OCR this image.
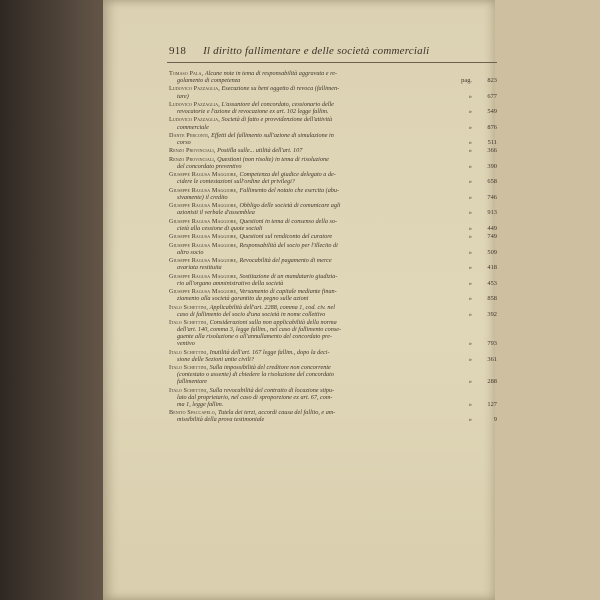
918 Il diritto fallimentare e delle società commerciali
Tomaso Pala, Alcune note in tema di responsabilità aggravata e re-
golamento di competenza	pag. 823
Ludovico Pazzaglia, Esecuzione su beni oggetto di revoca (fallimen-
tare)	» 677
Ludovico Pazzaglia, L'assuntore del concordato, cessionario delle
revocatorie e l'azione di revocazione ex art. 102 legge fallim.	» 549
Ludovico Pazzaglia, Società di fatto e provvidenzione dell'attività
commerciale	» 876
Dante Perconti, Effetti del fallimento sull'azione di simulazione in
corso	» 511
Renzo Provinciali, Postilla sulle... utilità dell'art. 107	» 366
Renzo Provinciali, Questioni (non risolte) in tema di risoluzione
del concordato preventivo	» 390
Giuseppe Ragusa Maggiore, Competenza del giudice delegato a de-
cidere le contestazioni sull'ordine dei privilegi?	» 658
Giuseppe Ragusa Maggiore, Fallimento del notaio che esercita (abu-
sivamente) il credito	» 746
Giuseppe Ragusa Maggiore, Obbligo delle società di comunicare agli
azionisti il verbale d'assemblea	» 913
Giuseppe Ragusa Maggiore, Questioni in tema di consenso della so-
cietà alla cessione di quote sociali	» 449
Giuseppe Ragusa Maggiore, Questioni sul rendiconto del curatore	» 749
Giuseppe Ragusa Maggiore, Responsabilità del socio per l'illecito di
altro socio	» 509
Giuseppe Ragusa Maggiore, Revocabilità del pagamento di merce
avariata restituita	» 418
Giuseppe Ragusa Maggiore, Sostituzione di un mandatario giudizia-
rio all'organo amministrativo della società	» 453
Giuseppe Ragusa Maggiore, Versamento di capitale mediante finan-
ziamento alla società garantito da pegno sulle azioni	» 858
Italo Schettini, Applicabilità dell'art. 2288, comma 1, cod. civ. nel
caso di fallimento del socio d'una società in nome collettivo	» 392
Italo Schettini, Considerazioni sulla non applicabilità della norma
dell'art. 140, comma 3, legge fallim., nel caso di fallimento conse-
guente alla risoluzione o all'annullamento del concordato pre-
ventivo	» 793
Italo Schettini, Inutilità dell'art. 167 legge fallim., dopo la deci-
sione delle Sezioni unite civili?	» 361
Italo Schettini, Sulla impossibilità del creditore non concorrente
(contestato o assente) di chiedere la risoluzione del concordato
fallimentare	» 288
Italo Schettini, Sulla revocabilità del contratto di locazione stipu-
lato dal proprietario, nel caso di sproporzione ex art. 67, com-
ma 1, legge fallim.	» 127
Benito Spaccapelo, Tutela dei terzi, accordi causa del fallito, e am-
missibilità della prova testimoniale	»	9
